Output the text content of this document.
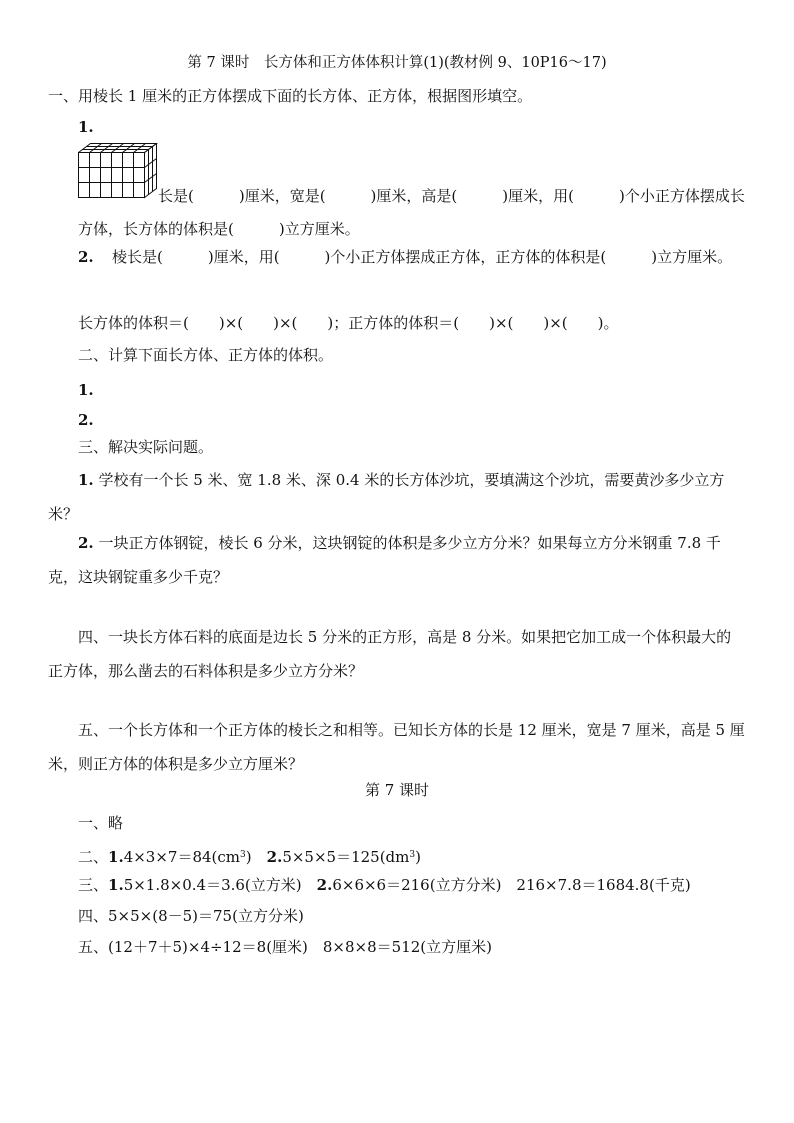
第 7 课时　长方体和正方体体积计算(1)(教材例 9、10P16～17)
一、用棱长 1 厘米的正方体摆成下面的长方体、正方体，根据图形填空。
1.
长是(　　　)厘米，宽是(　　　)厘米，高是(　　　)厘米，用(　　　)个小正方体摆成长方体，长方体的体积是(　　　)立方厘米。
2.	棱长是(　　　)厘米，用(　　　)个小正方体摆成正方体，正方体的体积是(　　　)立方厘米。
长方体的体积＝(　　)×(　　)×(　　)；正方体的体积＝(　　)×(　　)×(　　)。
二、计算下面长方体、正方体的体积。
1.
2.
三、解决实际问题。
1. 学校有一个长 5 米、宽 1.8 米、深 0.4 米的长方体沙坑，要填满这个沙坑，需要黄沙多少立方米？
2. 一块正方体钢锭，棱长 6 分米，这块钢锭的体积是多少立方分米？如果每立方分米钢重 7.8 千克，这块钢锭重多少千克？
四、一块长方体石料的底面是边长 5 分米的正方形，高是 8 分米。如果把它加工成一个体积最大的正方体，那么凿去的石料体积是多少立方分米？
五、一个长方体和一个正方体的棱长之和相等。已知长方体的长是 12 厘米，宽是 7 厘米，高是 5 厘米，则正方体的体积是多少立方厘米？
第 7 课时
一、略
二、$1.4\times 3\times 7=84(cm^3)$　 $2.5\times 5\times 5=125(dm^3)$
三、1.5×1.8×0.4＝3.6(立方米)　 2.6×6×6＝216(立方分米)　216×7.8＝1684.8(千克)
四、5×5×(8－5)＝75(立方分米)
五、(12＋7＋5)×4÷12＝8(厘米)　8×8×8＝512(立方厘米)
